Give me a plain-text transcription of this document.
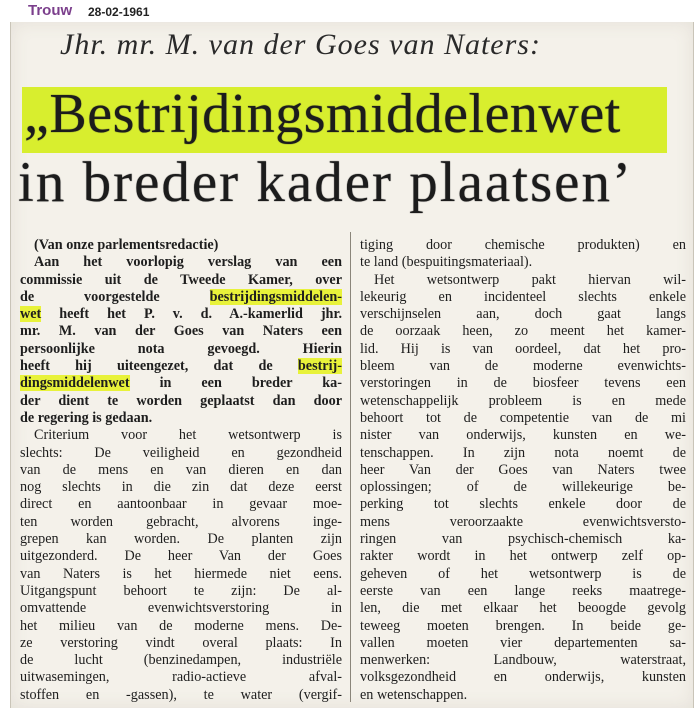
Trouw 28-02-1961
Jhr. mr. M. van der Goes van Naters:
„Bestrijdingsmiddelenwet
in breder kader plaatsen’
(Van onze parlementsredactie)
Aan het voorlopig verslag van een
commissie uit de Tweede Kamer, over
de voorgestelde bestrijdingsmiddelen-
wet heeft het P. v. d. A.-kamerlid jhr.
mr. M. van der Goes van Naters een
persoonlijke nota gevoegd. Hierin
heeft hij uiteengezet, dat de bestrij-
dingsmiddelenwet in een breder ka-
der dient te worden geplaatst dan door
de regering is gedaan.
Criterium voor het wetsontwerp is
slechts: De veiligheid en gezondheid
van de mens en van dieren en dan
nog slechts in die zin dat deze eerst
direct en aantoonbaar in gevaar moe-
ten worden gebracht, alvorens inge-
grepen kan worden. De planten zijn
uitgezonderd. De heer Van der Goes
van Naters is het hiermede niet eens.
Uitgangspunt behoort te zijn: De al-
omvattende evenwichtsverstoring in
het milieu van de moderne mens. De-
ze verstoring vindt overal plaats: In
de lucht (benzinedampen, industriële
uitwasemingen, radio-actieve afval-
stoffen en -gassen), te water (vergif-
tiging door chemische produkten) en
te land (bespuitingsmateriaal).
Het wetsontwerp pakt hiervan wil-
lekeurig en incidenteel slechts enkele
verschijnselen aan, doch gaat langs
de oorzaak heen, zo meent het kamer-
lid. Hij is van oordeel, dat het pro-
bleem van de moderne evenwichts-
verstoringen in de biosfeer tevens een
wetenschappelijk probleem is en mede
behoort tot de competentie van de mi
nister van onderwijs, kunsten en we-
tenschappen. In zijn nota noemt de
heer Van der Goes van Naters twee
oplossingen; of de willekeurige be-
perking tot slechts enkele door de
mens veroorzaakte evenwichtsversto-
ringen van psychisch-chemisch ka-
rakter wordt in het ontwerp zelf op-
geheven of het wetsontwerp is de
eerste van een lange reeks maatrege-
len, die met elkaar het beoogde gevolg
teweeg moeten brengen. In beide ge-
vallen moeten vier departementen sa-
menwerken: Landbouw, waterstraat,
volksgezondheid en onderwijs, kunsten
en wetenschappen.
